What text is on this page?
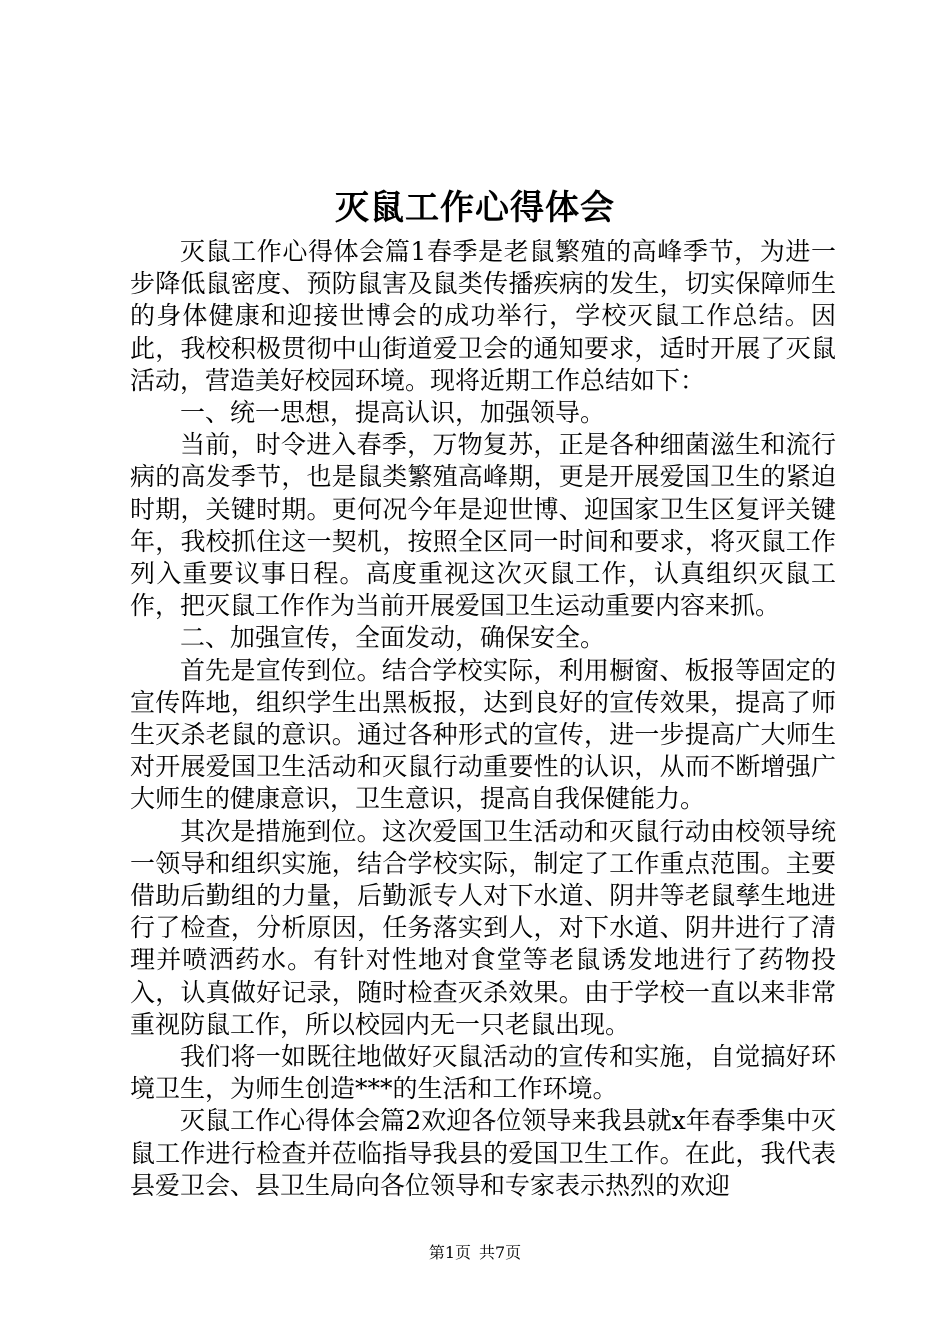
灭鼠工作心得体会

灭鼠工作心得体会篇1春季是老鼠繁殖的高峰季节，为进一步降低鼠密度、预防鼠害及鼠类传播疾病的发生，切实保障师生的身体健康和迎接世博会的成功举行，学校灭鼠工作总结。因此，我校积极贯彻中山街道爱卫会的通知要求，适时开展了灭鼠活动，营造美好校园环境。现将近期工作总结如下：

一、统一思想，提高认识，加强领导。

当前，时令进入春季，万物复苏，正是各种细菌滋生和流行病的高发季节，也是鼠类繁殖高峰期，更是开展爱国卫生的紧迫时期，关键时期。更何况今年是迎世博、迎国家卫生区复评关键年，我校抓住这一契机，按照全区同一时间和要求，将灭鼠工作列入重要议事日程。高度重视这次灭鼠工作，认真组织灭鼠工作，把灭鼠工作作为当前开展爱国卫生运动重要内容来抓。

二、加强宣传，全面发动，确保安全。

首先是宣传到位。结合学校实际，利用橱窗、板报等固定的宣传阵地，组织学生出黑板报，达到良好的宣传效果，提高了师生灭杀老鼠的意识。通过各种形式的宣传，进一步提高广大师生对开展爱国卫生活动和灭鼠行动重要性的认识，从而不断增强广大师生的健康意识，卫生意识，提高自我保健能力。

其次是措施到位。这次爱国卫生活动和灭鼠行动由校领导统一领导和组织实施，结合学校实际，制定了工作重点范围。主要借助后勤组的力量，后勤派专人对下水道、阴井等老鼠孳生地进行了检查，分析原因，任务落实到人，对下水道、阴井进行了清理并喷洒药水。有针对性地对食堂等老鼠诱发地进行了药物投入，认真做好记录，随时检查灭杀效果。由于学校一直以来非常重视防鼠工作，所以校园内无一只老鼠出现。

我们将一如既往地做好灭鼠活动的宣传和实施，自觉搞好环境卫生，为师生创造***的生活和工作环境。

灭鼠工作心得体会篇2欢迎各位领导来我县就x年春季集中灭鼠工作进行检查并莅临指导我县的爱国卫生工作。在此，我代表县爱卫会、县卫生局向各位领导和专家表示热烈的欢迎

第1页 共7页
